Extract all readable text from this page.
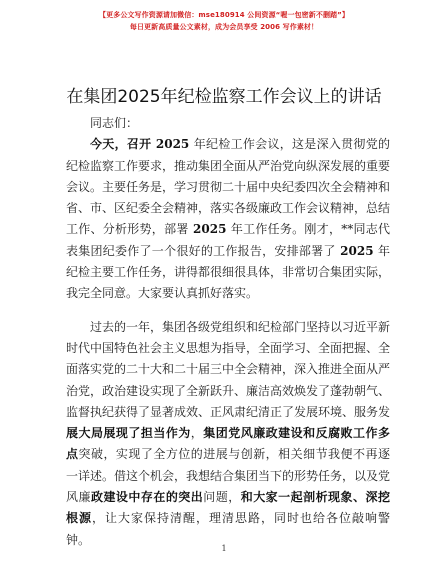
【更多公文写作资源请加微信：mse180914 公间资源“喔一包密新不删踏”】
每日更新高质量公文素材，成为会员享受 2006 写作素材！
在集团2025年纪检监察工作会议上的讲话

同志们：

今天，召开 2025 年纪检工作会议，这是深入贯彻党的纪检监察工作要求，推动集团全面从严治党向纵深发展的重要会议。主要任务是，学习贯彻二十届中央纪委四次全会精神和省、市、区纪委全会精神，落实各级廉政工作会议精神，总结工作、分析形势，部署 2025 年工作任务。刚才，**同志代表集团纪委作了一个很好的工作报告，安排部署了 2025 年纪检主要工作任务，讲得都很细很具体，非常切合集团实际，我完全同意。大家要认真抓好落实。

过去的一年，集团各级党组织和纪检部门坚持以习近平新时代中国特色社会主义思想为指导，全面学习、全面把握、全面落实党的二十大和二十届三中全会精神，深入推进全面从严治党，政治建设实现了全新跃升、廉洁高效焕发了蓬勃朝气、监督执纪获得了显著成效、正风肃纪清正了发展环境、服务发展大局展现了担当作为，集团党风廉政建设和反腐败工作多点突破，实现了全方位的进展与创新，相关细节我便不再逐一详述。借这个机会，我想结合集团当下的形势任务，以及党风廉政建设中存在的突出问题，和大家一起剖析现象、深挖根源，让大家保持清醒，理清思路，同时也给各位敲响警钟。

1
